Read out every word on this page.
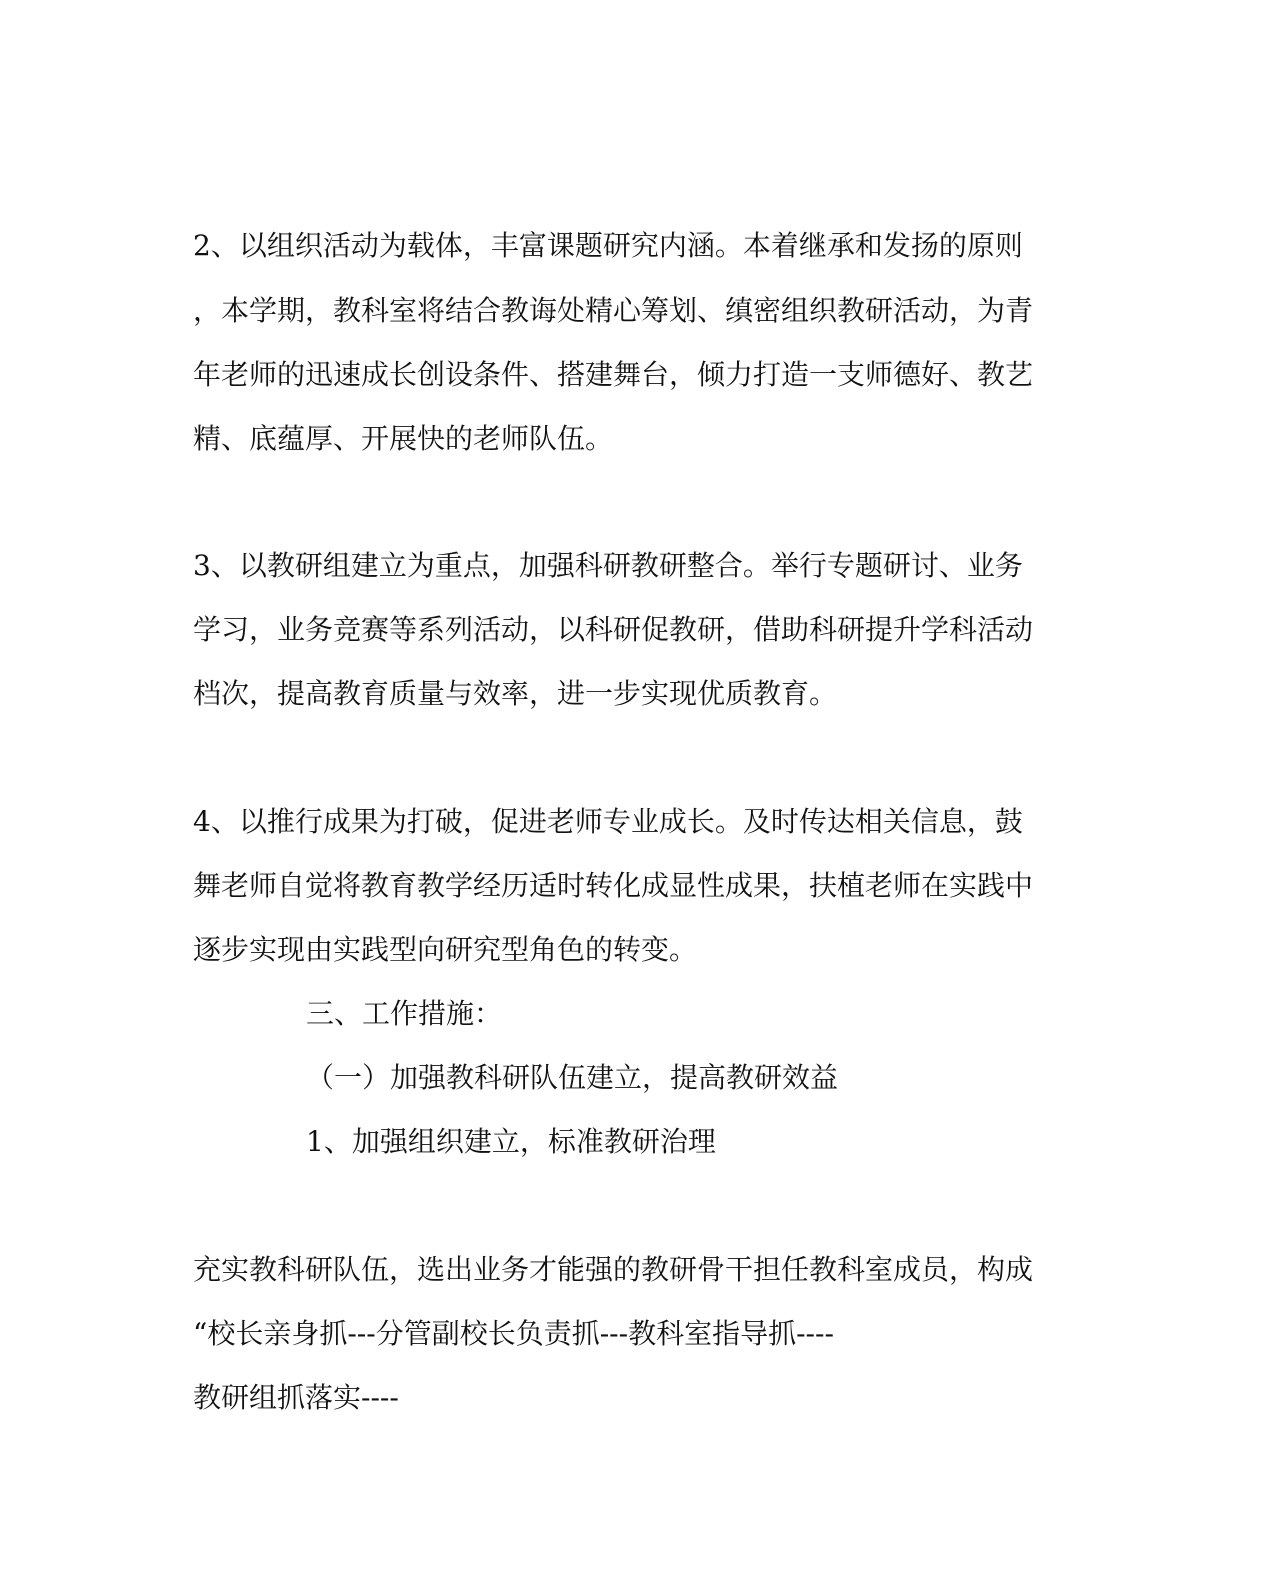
2、以组织活动为载体，丰富课题研究内涵。本着继承和发扬的原则
，本学期，教科室将结合教诲处精心筹划、缜密组织教研活动，为青
年老师的迅速成长创设条件、搭建舞台，倾力打造一支师德好、教艺
精、底蕴厚、开展快的老师队伍。
3、以教研组建立为重点，加强科研教研整合。举行专题研讨、业务
学习，业务竞赛等系列活动，以科研促教研，借助科研提升学科活动
档次，提高教育质量与效率，进一步实现优质教育。
4、以推行成果为打破，促进老师专业成长。及时传达相关信息，鼓
舞老师自觉将教育教学经历适时转化成显性成果，扶植老师在实践中
逐步实现由实践型向研究型角色的转变。
三、工作措施：
（一）加强教科研队伍建立，提高教研效益
1、加强组织建立，标准教研治理
充实教科研队伍，选出业务才能强的教研骨干担任教科室成员，构成
“校长亲身抓---分管副校长负责抓---教科室指导抓----
教研组抓落实----
